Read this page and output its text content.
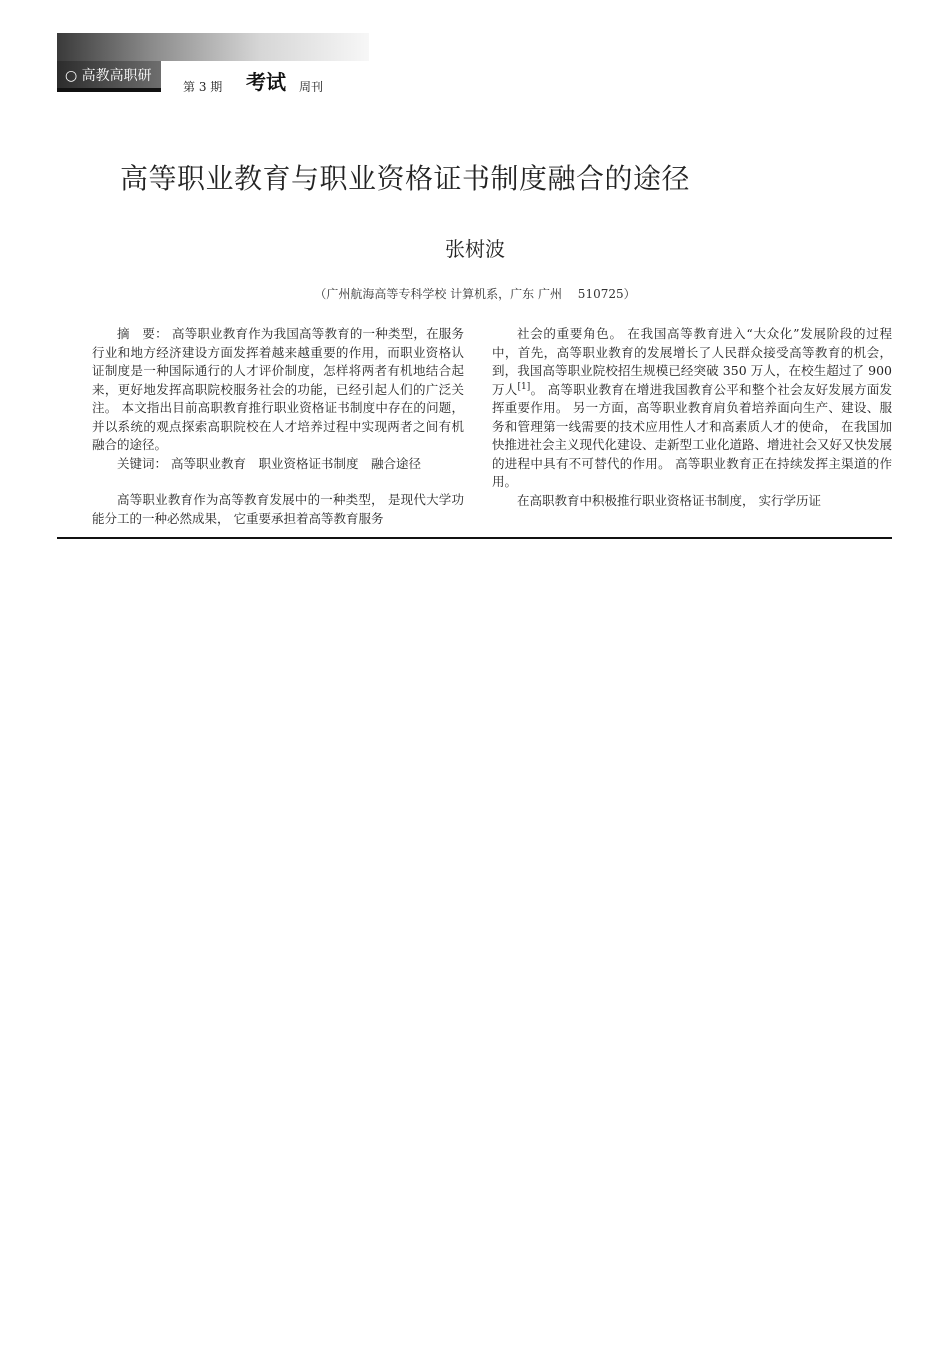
○ 高教高职研
第 3 期 考试 周刊
高等职业教育与职业资格证书制度融合的途径
张树波
（广州航海高等专科学校 计算机系，广东 广州　 510725）

摘　要： 高等职业教育作为我国高等教育的一种类型，在服务行业和地方经济建设方面发挥着越来越重要的作用，而职业资格认证制度是一种国际通行的人才评价制度，怎样将两者有机地结合起来，更好地发挥高职院校服务社会的功能，已经引起人们的广泛关注。 本文指出目前高职教育推行职业资格证书制度中存在的问题， 并以系统的观点探索高职院校在人才培养过程中实现两者之间有机融合的途径。

关键词： 高等职业教育　职业资格证书制度　融合途径

高等职业教育作为高等教育发展中的一种类型， 是现代大学功能分工的一种必然成果， 它重要承担着高等教育服务

社会的重要角色。 在我国高等教育进入“大众化”发展阶段的过程中，首先，高等职业教育的发展增长了人民群众接受高等教育的机会，到，我国高等职业院校招生规模已经突破 350 万人，在校生超过了 900 万人[1]。 高等职业教育在增进我国教育公平和整个社会友好发展方面发挥重要作用。 另一方面，高等职业教育肩负着培养面向生产、建设、服务和管理第一线需要的技术应用性人才和高素质人才的使命， 在我国加快推进社会主义现代化建设、走新型工业化道路、增进社会又好又快发展的进程中具有不可替代的作用。 高等职业教育正在持续发挥主渠道的作用。

在高职教育中积极推行职业资格证书制度， 实行学历证
